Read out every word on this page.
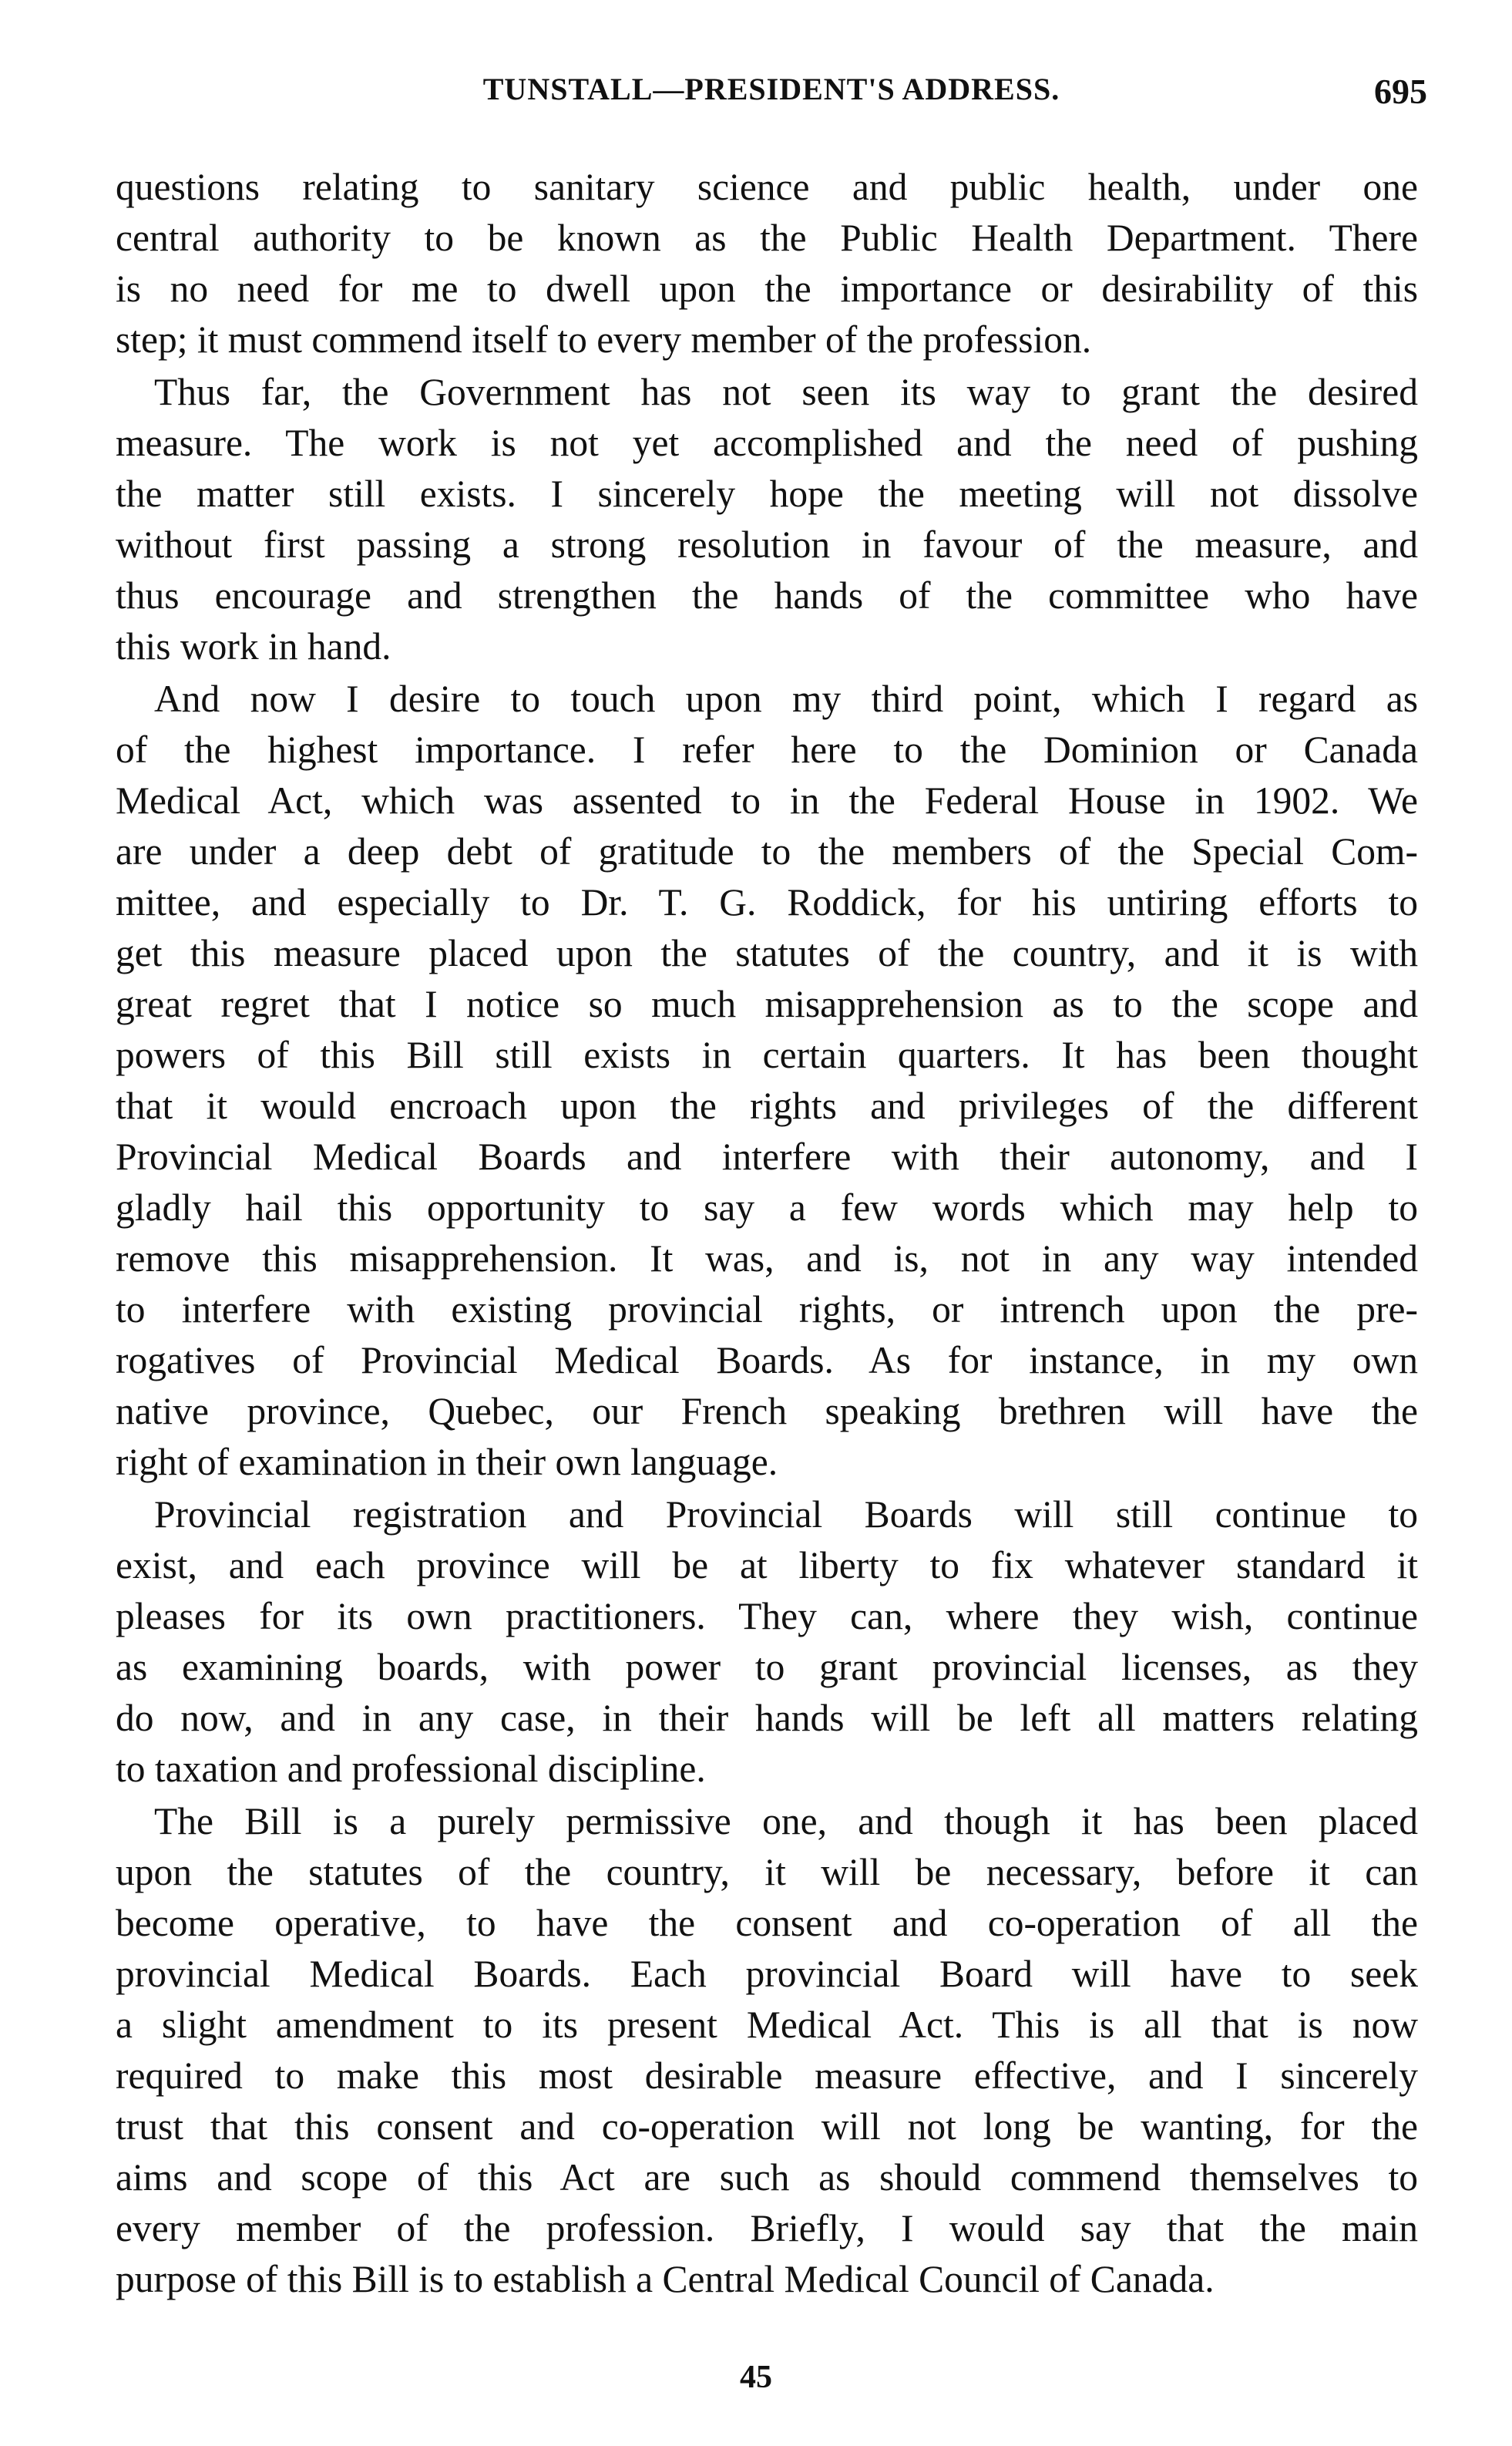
TUNSTALL—PRESIDENT'S ADDRESS.	695
questions relating to sanitary science and public health, under one
central authority to be known as the Public Health Department. There
is no need for me to dwell upon the importance or desirability of this
step; it must commend itself to every member of the profession.
Thus far, the Government has not seen its way to grant the desired
measure. The work is not yet accomplished and the need of pushing
the matter still exists. I sincerely hope the meeting will not dissolve
without first passing a strong resolution in favour of the measure, and
thus encourage and strengthen the hands of the committee who have
this work in hand.
And now I desire to touch upon my third point, which I regard as
of the highest importance. I refer here to the Dominion or Canada
Medical Act, which was assented to in the Federal House in 1902. We
are under a deep debt of gratitude to the members of the Special Com-
mittee, and especially to Dr. T. G. Roddick, for his untiring efforts to
get this measure placed upon the statutes of the country, and it is with
great regret that I notice so much misapprehension as to the scope and
powers of this Bill still exists in certain quarters. It has been thought
that it would encroach upon the rights and privileges of the different
Provincial Medical Boards and interfere with their autonomy, and I
gladly hail this opportunity to say a few words which may help to
remove this misapprehension. It was, and is, not in any way intended
to interfere with existing provincial rights, or intrench upon the pre-
rogatives of Provincial Medical Boards. As for instance, in my own
native province, Quebec, our French speaking brethren will have the
right of examination in their own language.
Provincial registration and Provincial Boards will still continue to
exist, and each province will be at liberty to fix whatever standard it
pleases for its own practitioners. They can, where they wish, continue
as examining boards, with power to grant provincial licenses, as they
do now, and in any case, in their hands will be left all matters relating
to taxation and professional discipline.
The Bill is a purely permissive one, and though it has been placed
upon the statutes of the country, it will be necessary, before it can
become operative, to have the consent and co-operation of all the
provincial Medical Boards. Each provincial Board will have to seek
a slight amendment to its present Medical Act. This is all that is now
required to make this most desirable measure effective, and I sincerely
trust that this consent and co-operation will not long be wanting, for the
aims and scope of this Act are such as should commend themselves to
every member of the profession. Briefly, I would say that the main
purpose of this Bill is to establish a Central Medical Council of Canada.
45
